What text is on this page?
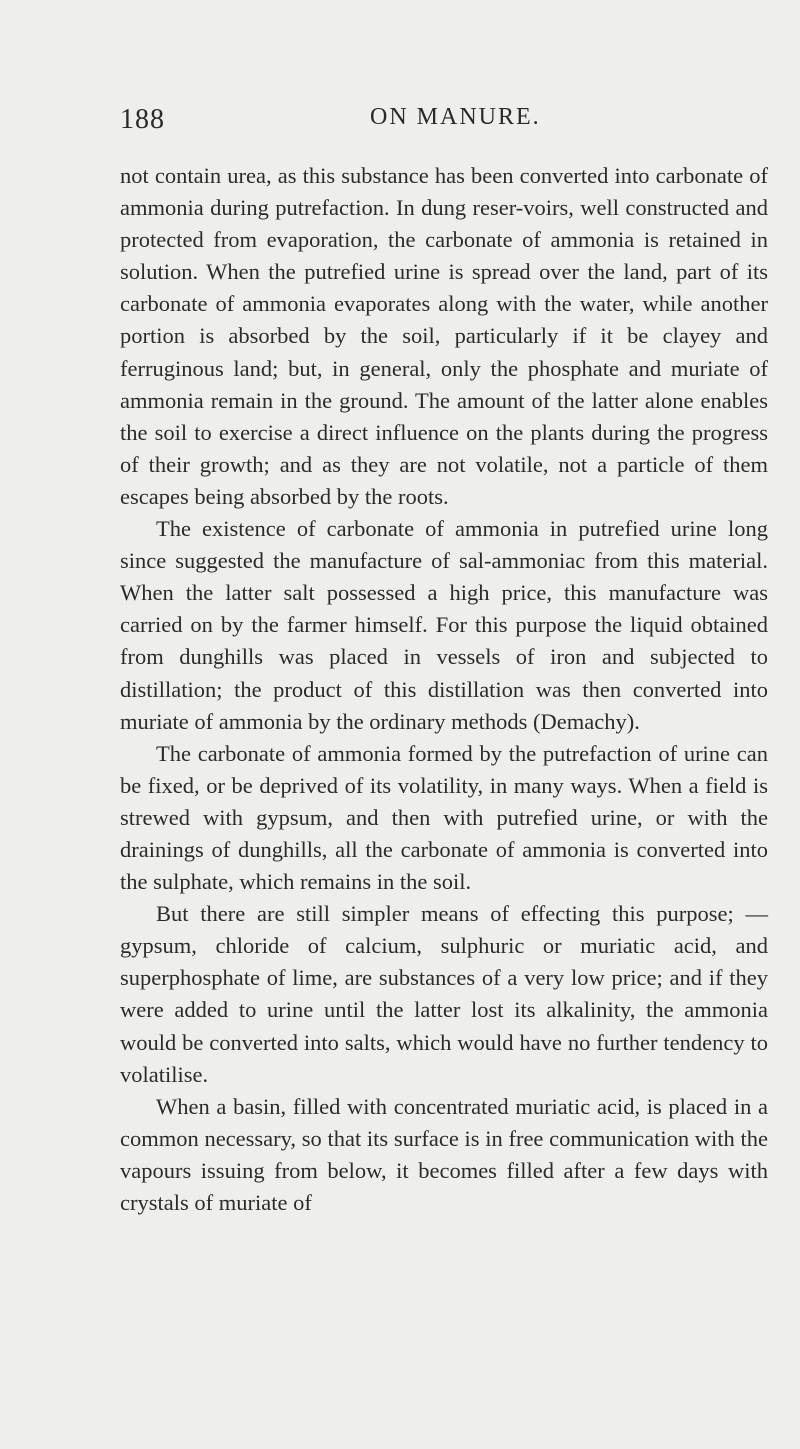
188	ON MANURE.

not contain urea, as this substance has been converted into carbonate of ammonia during putrefaction. In dung reser-voirs, well constructed and protected from evaporation, the carbonate of ammonia is retained in solution. When the putrefied urine is spread over the land, part of its carbonate of ammonia evaporates along with the water, while another portion is absorbed by the soil, particularly if it be clayey and ferruginous land; but, in general, only the phosphate and muriate of ammonia remain in the ground. The amount of the latter alone enables the soil to exercise a direct influence on the plants during the progress of their growth; and as they are not volatile, not a particle of them escapes being absorbed by the roots.

The existence of carbonate of ammonia in putrefied urine long since suggested the manufacture of sal-ammoniac from this material. When the latter salt possessed a high price, this manufacture was carried on by the farmer himself. For this purpose the liquid obtained from dunghills was placed in vessels of iron and subjected to distillation; the product of this distillation was then converted into muriate of ammonia by the ordinary methods (Demachy).

The carbonate of ammonia formed by the putrefaction of urine can be fixed, or be deprived of its volatility, in many ways. When a field is strewed with gypsum, and then with putrefied urine, or with the drainings of dunghills, all the carbonate of ammonia is converted into the sulphate, which remains in the soil.

But there are still simpler means of effecting this purpose; —gypsum, chloride of calcium, sulphuric or muriatic acid, and superphosphate of lime, are substances of a very low price; and if they were added to urine until the latter lost its alkalinity, the ammonia would be converted into salts, which would have no further tendency to volatilise.

When a basin, filled with concentrated muriatic acid, is placed in a common necessary, so that its surface is in free communication with the vapours issuing from below, it becomes filled after a few days with crystals of muriate of
